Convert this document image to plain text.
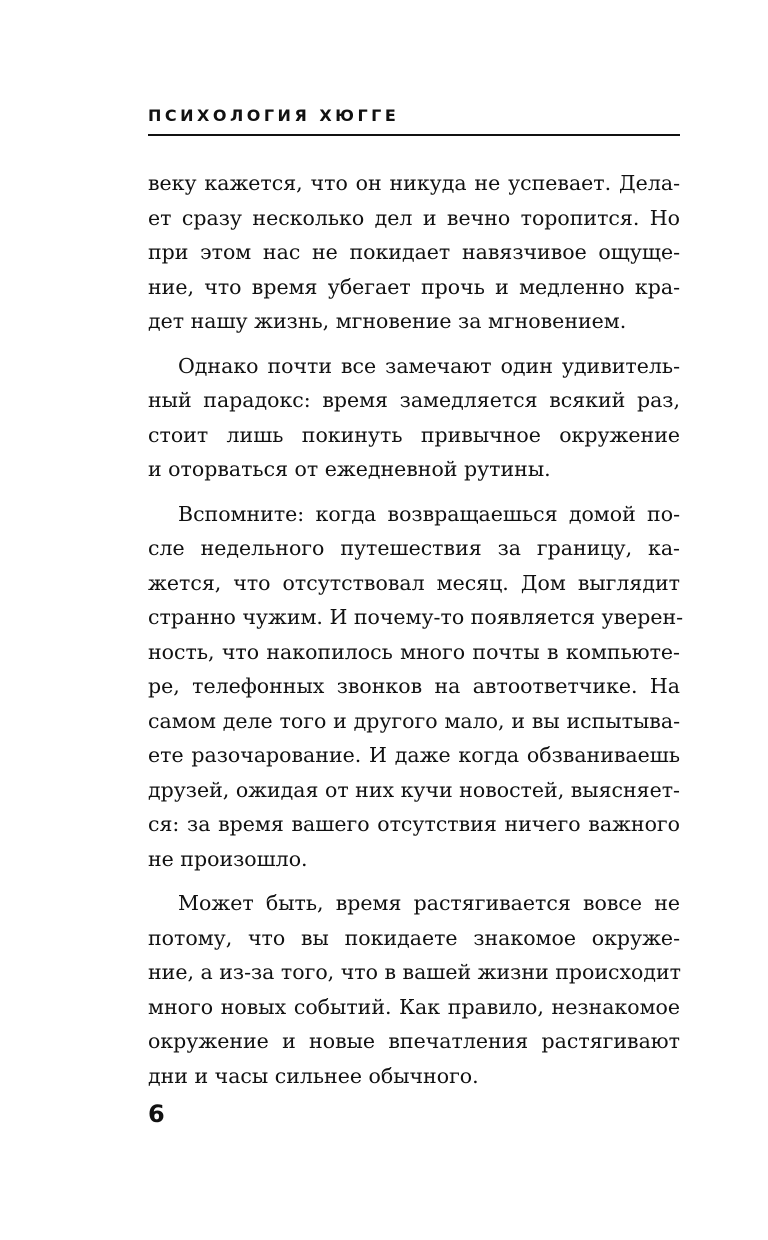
ПСИХОЛОГИЯ ХЮГГЕ
веку кажется, что он никуда не успевает. Дела-
ет сразу несколько дел и вечно торопится. Но
при этом нас не покидает навязчивое ощуще-
ние, что время убегает прочь и медленно кра-
дет нашу жизнь, мгновение за мгновением.
Однако почти все замечают один удивитель-
ный парадокс: время замедляется всякий раз,
стоит лишь покинуть привычное окружение
и оторваться от ежедневной рутины.
Вспомните: когда возвращаешься домой по-
сле недельного путешествия за границу, ка-
жется, что отсутствовал месяц. Дом выглядит
странно чужим. И почему-то появляется уверен-
ность, что накопилось много почты в компьюте-
ре, телефонных звонков на автоответчике. На
самом деле того и другого мало, и вы испытыва-
ете разочарование. И даже когда обзваниваешь
друзей, ожидая от них кучи новостей, выясняет-
ся: за время вашего отсутствия ничего важного
не произошло.
Может быть, время растягивается вовсе не
потому, что вы покидаете знакомое окруже-
ние, а из-за того, что в вашей жизни происходит
много новых событий. Как правило, незнакомое
окружение и новые впечатления растягивают
дни и часы сильнее обычного.
6
